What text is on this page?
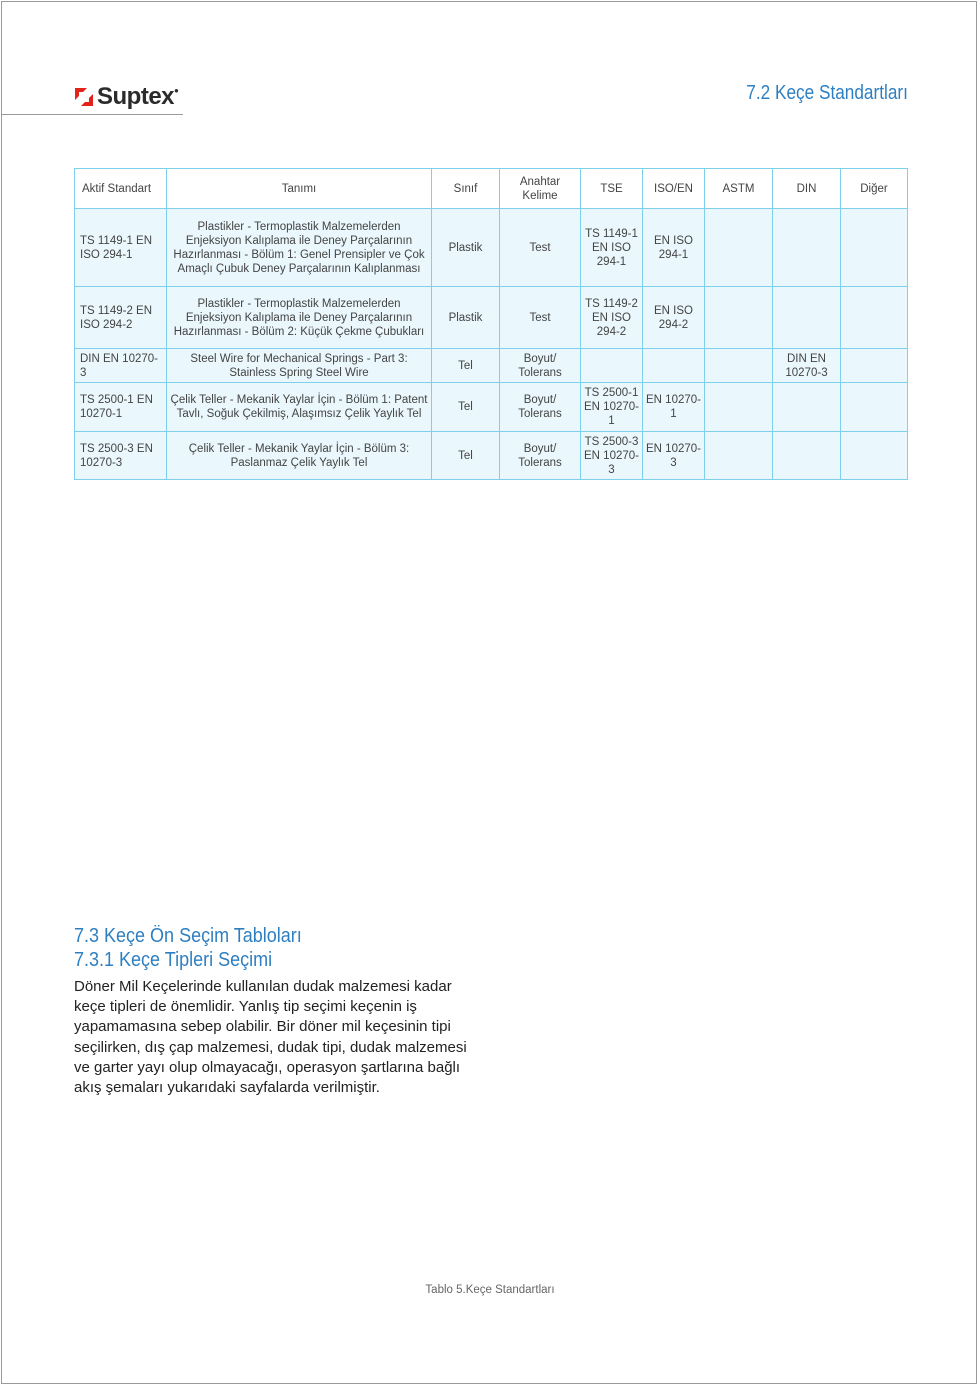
Suptex ●	7.2 Keçe Standartları
Aktif Standart	Tanımı	Sınıf	Anahtar Kelime	TSE	ISO/EN	ASTM	DIN	Diğer
TS 1149-1 EN ISO 294-1	Plastikler - Termoplastik Malzemelerden Enjeksiyon Kalıplama ile Deney Parçalarının Hazırlanması - Bölüm 1: Genel Prensipler ve Çok Amaçlı Çubuk Deney Parçalarının Kalıplanması	Plastik	Test	TS 1149-1 EN ISO 294-1	EN ISO 294-1			
TS 1149-2 EN ISO 294-2	Plastikler - Termoplastik Malzemelerden Enjeksiyon Kalıplama ile Deney Parçalarının Hazırlanması - Bölüm 2: Küçük Çekme Çubukları	Plastik	Test	TS 1149-2 EN ISO 294-2	EN ISO 294-2			
DIN EN 10270-3	Steel Wire for Mechanical Springs - Part 3: Stainless Spring Steel Wire	Tel	Boyut/ Tolerans				DIN EN 10270-3	
TS 2500-1 EN 10270-1	Çelik Teller - Mekanik Yaylar İçin - Bölüm 1: Patent Tavlı, Soğuk Çekilmiş, Alaşımsız Çelik Yaylık Tel	Tel	Boyut/ Tolerans	TS 2500-1 EN 10270-1	EN 10270-1			
TS 2500-3 EN 10270-3	Çelik Teller - Mekanik Yaylar İçin - Bölüm 3: Paslanmaz Çelik Yaylık Tel	Tel	Boyut/ Tolerans	TS 2500-3 EN 10270-3	EN 10270-3			
7.3 Keçe Ön Seçim Tabloları
7.3.1 Keçe Tipleri Seçimi
Döner Mil Keçelerinde kullanılan dudak malzemesi kadar keçe tipleri de önemlidir. Yanlış tip seçimi keçenin iş yapamamasına sebep olabilir. Bir döner mil keçesinin tipi seçilirken, dış çap malzemesi, dudak tipi, dudak malzemesi ve garter yayı olup olmayacağı, operasyon şartlarına bağlı akış şemaları yukarıdaki sayfalarda verilmiştir.
Tablo 5.Keçe Standartları
